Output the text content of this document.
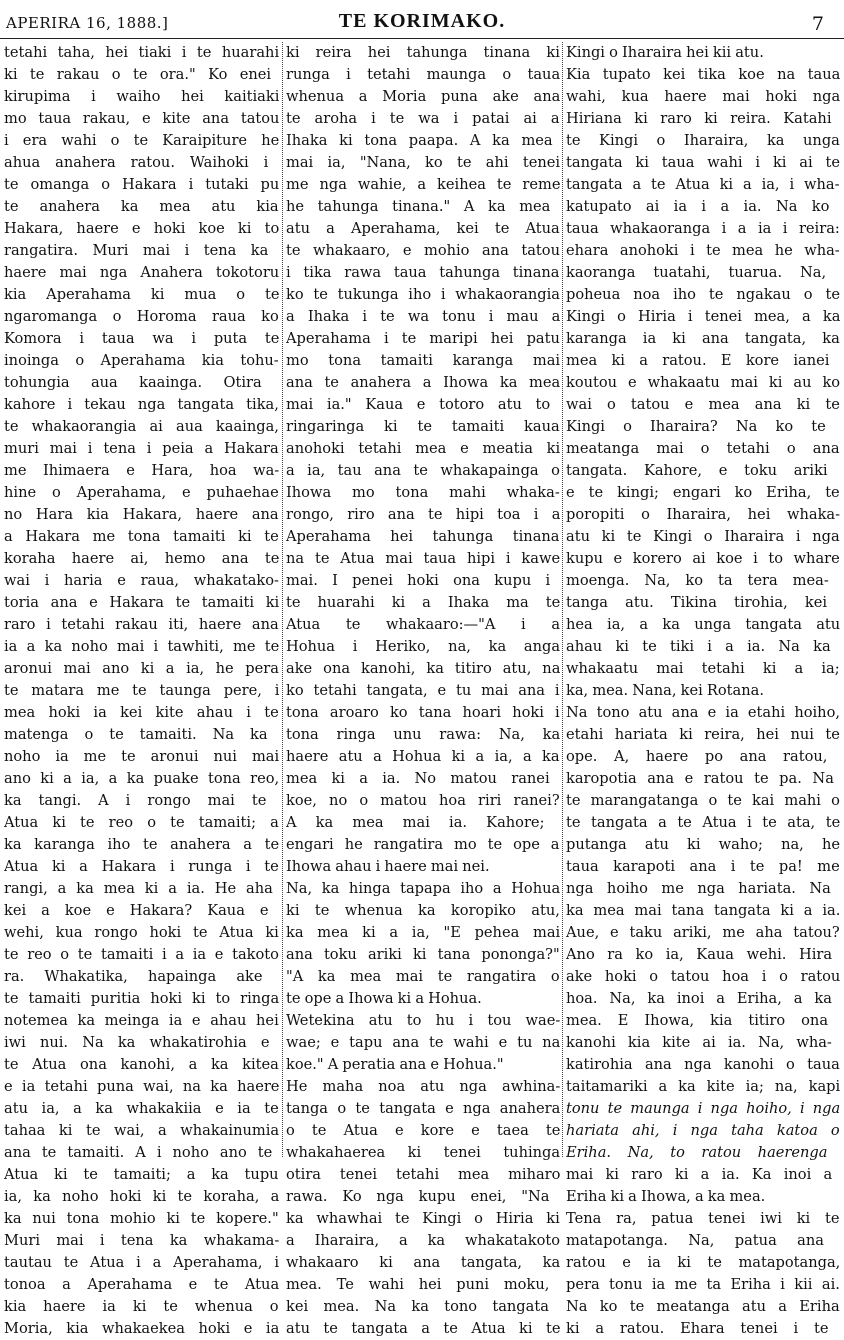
APERIRA 16, 1888.]	TE KORIMAKO.	7
tetahi taha, hei tiaki i te huarahi
ki te rakau o te ora." Ko enei
kirupima i waiho hei kaitiaki
mo taua rakau, e kite ana tatou
i era wahi o te Karaipiture he
ahua anahera ratou. Waihoki i
te omanga o Hakara i tutaki pu
te anahera ka mea atu kia
Hakara, haere e hoki koe ki to
rangatira. Muri mai i tena ka
haere mai nga Anahera tokotoru
kia Aperahama ki mua o te
ngaromanga o Horoma raua ko
Komora i taua wa i puta te
inoinga o Aperahama kia tohu-
tohungia aua kaainga. Otira
kahore i tekau nga tangata tika,
te whakaorangia ai aua kaainga,
muri mai i tena i peia a Hakara
me Ihimaera e Hara, hoa wa-
hine o Aperahama, e puhaehae
no Hara kia Hakara, haere ana
a Hakara me tona tamaiti ki te
koraha haere ai, hemo ana te
wai i haria e raua, whakatako-
toria ana e Hakara te tamaiti ki
raro i tetahi rakau iti, haere ana
ia a ka noho mai i tawhiti, me te
aronui mai ano ki a ia, he pera
te matara me te taunga pere, i
mea hoki ia kei kite ahau i te
matenga o te tamaiti. Na ka
noho ia me te aronui nui mai
ano ki a ia, a ka puake tona reo,
ka tangi. A i rongo mai te
Atua ki te reo o te tamaiti; a
ka karanga iho te anahera a te
Atua ki a Hakara i runga i te
rangi, a ka mea ki a ia. He aha
kei a koe e Hakara? Kaua e
wehi, kua rongo hoki te Atua ki
te reo o te tamaiti i a ia e takoto
ra. Whakatika, hapainga ake
te tamaiti puritia hoki ki to ringa
notemea ka meinga ia e ahau hei
iwi nui. Na ka whakatirohia e
te Atua ona kanohi, a ka kitea
e ia tetahi puna wai, na ka haere
atu ia, a ka whakakiia e ia te
tahaa ki te wai, a whakainumia
ana te tamaiti. A i noho ano te
Atua ki te tamaiti; a ka tupu
ia, ka noho hoki ki te koraha, a
ka nui tona mohio ki te kopere."
Muri mai i tena ka whakama-
tautau te Atua i a Aperahama, i
tonoa a Aperahama e te Atua
kia haere ia ki te whenua o
Moria, kia whakaekea hoki e ia
ki reira hei tahunga tinana ki
runga i tetahi maunga o taua
whenua a Moria puna ake ana
te aroha i te wa i patai ai a
Ihaka ki tona paapa. A ka mea
mai ia, "Nana, ko te ahi tenei
me nga wahie, a keihea te reme
he tahunga tinana." A ka mea
atu a Aperahama, kei te Atua
te whakaaro, e mohio ana tatou
i tika rawa taua tahunga tinana
ko te tukunga iho i whakaorangia
a Ihaka i te wa tonu i mau a
Aperahama i te maripi hei patu
mo tona tamaiti karanga mai
ana te anahera a Ihowa ka mea
mai ia." Kaua e totoro atu to
ringaringa ki te tamaiti kaua
anohoki tetahi mea e meatia ki
a ia, tau ana te whakapainga o
Ihowa mo tona mahi whaka-
rongo, riro ana te hipi toa i a
Aperahama hei tahunga tinana
na te Atua mai taua hipi i kawe
mai. I penei hoki ona kupu i
te huarahi ki a Ihaka ma te
Atua te whakaaro:—"A i a
Hohua i Heriko, na, ka anga
ake ona kanohi, ka titiro atu, na
ko tetahi tangata, e tu mai ana i
tona aroaro ko tana hoari hoki i
tona ringa unu rawa: Na, ka
haere atu a Hohua ki a ia, a ka
mea ki a ia. No matou ranei
koe, no o matou hoa riri ranei?
A ka mea mai ia. Kahore;
engari he rangatira mo te ope a
Ihowa ahau i haere mai nei.
Na, ka hinga tapapa iho a Hohua
ki te whenua ka koropiko atu,
ka mea ki a ia, "E pehea mai
ana toku ariki ki tana pononga?"
"A ka mea mai te rangatira o
te ope a Ihowa ki a Hohua.
Wetekina atu to hu i tou wae-
wae; e tapu ana te wahi e tu na
koe." A peratia ana e Hohua."
He maha noa atu nga awhina-
tanga o te tangata e nga anahera
o te Atua e kore e taea te
whakahaerea ki tenei tuhinga
otira tenei tetahi mea miharo
rawa. Ko nga kupu enei, "Na
ka whawhai te Kingi o Hiria ki
a Iharaira, a ka whakatakoto
whakaaro ki ana tangata, ka
mea. Te wahi hei puni moku,
kei mea. Na ka tono tangata
atu te tangata a te Atua ki te
Kingi o Iharaira hei kii atu.
Kia tupato kei tika koe na taua
wahi, kua haere mai hoki nga
Hiriana ki raro ki reira. Katahi
te Kingi o Iharaira, ka unga
tangata ki taua wahi i ki ai te
tangata a te Atua ki a ia, i wha-
katupato ai ia i a ia. Na ko
taua whakaoranga i a ia i reira:
ehara anohoki i te mea he wha-
kaoranga tuatahi, tuarua. Na,
poheua noa iho te ngakau o te
Kingi o Hiria i tenei mea, a ka
karanga ia ki ana tangata, ka
mea ki a ratou. E kore ianei
koutou e whakaatu mai ki au ko
wai o tatou e mea ana ki te
Kingi o Iharaira? Na ko te
meatanga mai o tetahi o ana
tangata. Kahore, e toku ariki
e te kingi; engari ko Eriha, te
poropiti o Iharaira, hei whaka-
atu ki te Kingi o Iharaira i nga
kupu e korero ai koe i to whare
moenga. Na, ko ta tera mea-
tanga atu. Tikina tirohia, kei
hea ia, a ka unga tangata atu
ahau ki te tiki i a ia. Na ka
whakaatu mai tetahi ki a ia;
ka, mea. Nana, kei Rotana.
Na tono atu ana e ia etahi hoiho,
etahi hariata ki reira, hei nui te
ope. A, haere po ana ratou,
karopotia ana e ratou te pa. Na
te marangatanga o te kai mahi o
te tangata a te Atua i te ata, te
putanga atu ki waho; na, he
taua karapoti ana i te pa! me
nga hoiho me nga hariata. Na
ka mea mai tana tangata ki a ia.
Aue, e taku ariki, me aha tatou?
Ano ra ko ia, Kaua wehi. Hira
ake hoki o tatou hoa i o ratou
hoa. Na, ka inoi a Eriha, a ka
mea. E Ihowa, kia titiro ona
kanohi kia kite ai ia. Na, wha-
katirohia ana nga kanohi o taua
taitamariki a ka kite ia; na, kapi
tonu te maunga i nga hoiho, i nga
hariata ahi, i nga taha katoa o
Eriha. Na, to ratou haerenga
mai ki raro ki a ia. Ka inoi a
Eriha ki a Ihowa, a ka mea.
Tena ra, patua tenei iwi ki te
matapotanga. Na, patua ana
ratou e ia ki te matapotanga,
pera tonu ia me ta Eriha i kii ai.
Na ko te meatanga atu a Eriha
ki a ratou. Ehara tenei i te
